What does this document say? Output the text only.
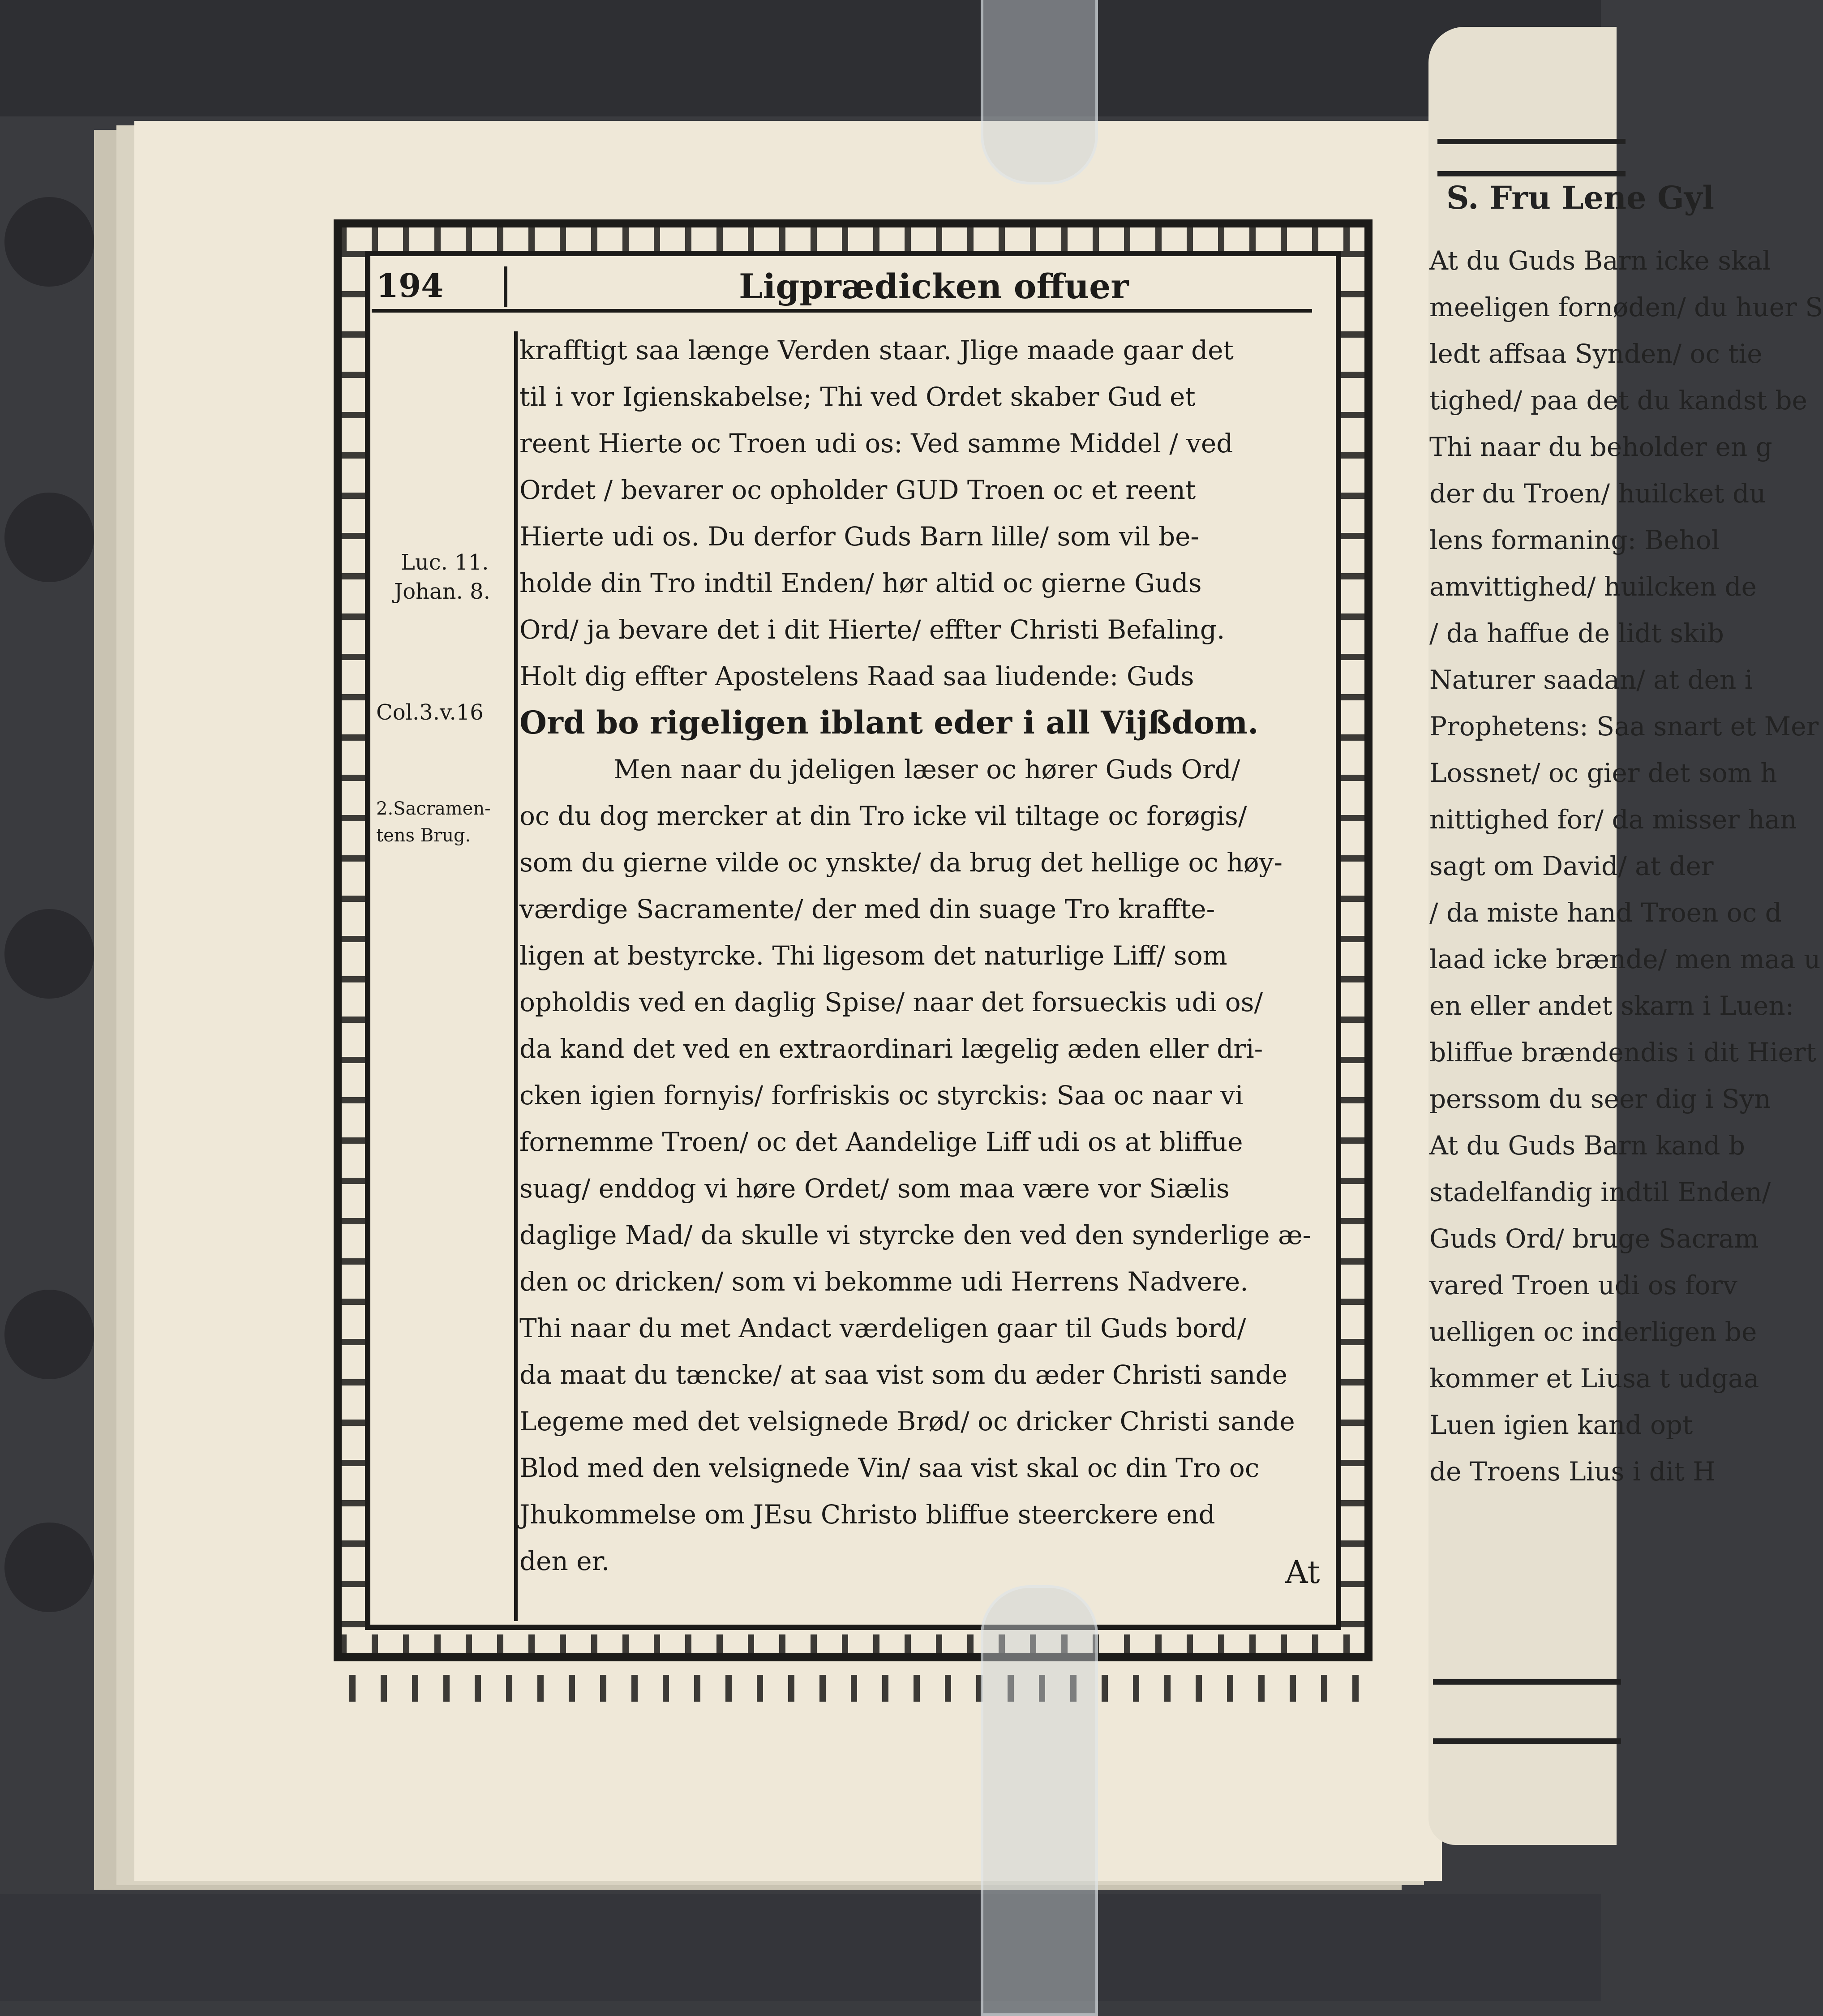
S. Fru Lene Gyl
At du Guds Barn icke skal
meeligen fornøden/ du huer S
ledt affsaa Synden/ oc tie
tighed/ paa det du kandst be
Thi naar du beholder en g
der du Troen/ huilcket du
lens formaning: Behol
amvittighed/ huilcken de
/ da haffue de lidt skib
Naturer saadan/ at den i
Prophetens: Saa snart et Mer
Lossnet/ oc gier det som h
nittighed for/ da misser han
sagt om David/ at der
/ da miste hand Troen oc d
laad icke brænde/ men maa u
en eller andet skarn i Luen:
bliffue brændendis i dit Hiert
perssom du seer dig i Syn
At du Guds Barn kand b
stadelfandig indtil Enden/
Guds Ord/ bruge Sacram
vared Troen udi os forv
uelligen oc inderligen be
kommer et Liusa t udgaa
Luen igien kand opt
de Troens Lius i dit H
194	Ligprædicken offuer
Luc. 11.
Johan. 8.
Col.3.v.16
2.Sacramen-
tens Brug.
krafftigt saa længe Verden staar. Jlige maade gaar det
til i vor Igienskabelse; Thi ved Ordet skaber Gud et
reent Hierte oc Troen udi os: Ved samme Middel / ved
Ordet / bevarer oc opholder GUD Troen oc et reent
Hierte udi os. Du derfor Guds Barn lille/ som vil be-
holde din Tro indtil Enden/ hør altid oc gierne Guds
Ord/ ja bevare det i dit Hierte/ effter Christi Befaling.
Holt dig effter Apostelens Raad saa liudende: Guds
Ord bo rigeligen iblant eder i all Vijßdom.
Men naar du jdeligen læser oc hører Guds Ord/
oc du dog mercker at din Tro icke vil tiltage oc forøgis/
som du gierne vilde oc ynskte/ da brug det hellige oc høy-
værdige Sacramente/ der med din suage Tro kraffte-
ligen at bestyrcke. Thi ligesom det naturlige Liff/ som
opholdis ved en daglig Spise/ naar det forsueckis udi os/
da kand det ved en extraordinari lægelig æden eller dri-
cken igien fornyis/ forfriskis oc styrckis: Saa oc naar vi
fornemme Troen/ oc det Aandelige Liff udi os at bliffue
suag/ enddog vi høre Ordet/ som maa være vor Siælis
daglige Mad/ da skulle vi styrcke den ved den synderlige æ-
den oc dricken/ som vi bekomme udi Herrens Nadvere.
Thi naar du met Andact værdeligen gaar til Guds bord/
da maat du tæncke/ at saa vist som du æder Christi sande
Legeme med det velsignede Brød/ oc dricker Christi sande
Blod med den velsignede Vin/ saa vist skal oc din Tro oc
Jhukommelse om JEsu Christo bliffue steerckere end
den er.	At
